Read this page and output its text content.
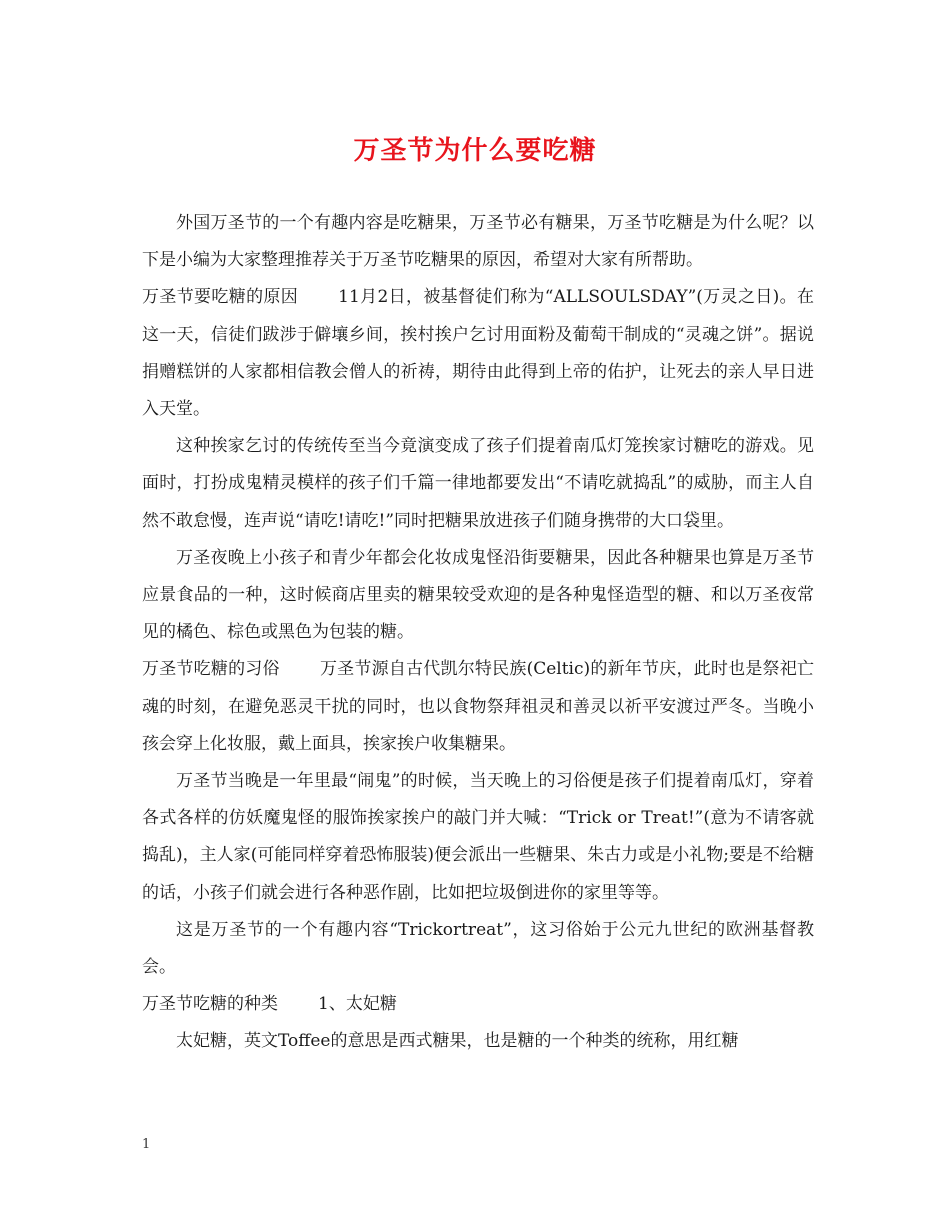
万圣节为什么要吃糖

外国万圣节的一个有趣内容是吃糖果，万圣节必有糖果，万圣节吃糖是为什么呢？以下是小编为大家整理推荐关于万圣节吃糖果的原因，希望对大家有所帮助。

万圣节要吃糖的原因 11月2日，被基督徒们称为“ALLSOULSDAY”(万灵之日)。在这一天，信徒们跋涉于僻壤乡间，挨村挨户乞讨用面粉及葡萄干制成的“灵魂之饼”。据说捐赠糕饼的人家都相信教会僧人的祈祷，期待由此得到上帝的佑护，让死去的亲人早日进入天堂。

这种挨家乞讨的传统传至当今竟演变成了孩子们提着南瓜灯笼挨家讨糖吃的游戏。见面时，打扮成鬼精灵模样的孩子们千篇一律地都要发出“不请吃就捣乱”的威胁，而主人自然不敢怠慢，连声说“请吃!请吃!”同时把糖果放进孩子们随身携带的大口袋里。

万圣夜晚上小孩子和青少年都会化妆成鬼怪沿街要糖果，因此各种糖果也算是万圣节应景食品的一种，这时候商店里卖的糖果较受欢迎的是各种鬼怪造型的糖、和以万圣夜常见的橘色、棕色或黑色为包装的糖。

万圣节吃糖的习俗 万圣节源自古代凯尔特民族(Celtic)的新年节庆，此时也是祭祀亡魂的时刻，在避免恶灵干扰的同时，也以食物祭拜祖灵和善灵以祈平安渡过严冬。当晚小孩会穿上化妆服，戴上面具，挨家挨户收集糖果。

万圣节当晚是一年里最“闹鬼”的时候，当天晚上的习俗便是孩子们提着南瓜灯，穿着各式各样的仿妖魔鬼怪的服饰挨家挨户的敲门并大喊：“Trick or Treat!”(意为不请客就捣乱)，主人家(可能同样穿着恐怖服装)便会派出一些糖果、朱古力或是小礼物;要是不给糖的话，小孩子们就会进行各种恶作剧，比如把垃圾倒进你的家里等等。

这是万圣节的一个有趣内容“Trickortreat”，这习俗始于公元九世纪的欧洲基督教会。

万圣节吃糖的种类 1、太妃糖

太妃糖，英文Toffee的意思是西式糖果，也是糖的一个种类的统称，用红糖

1
